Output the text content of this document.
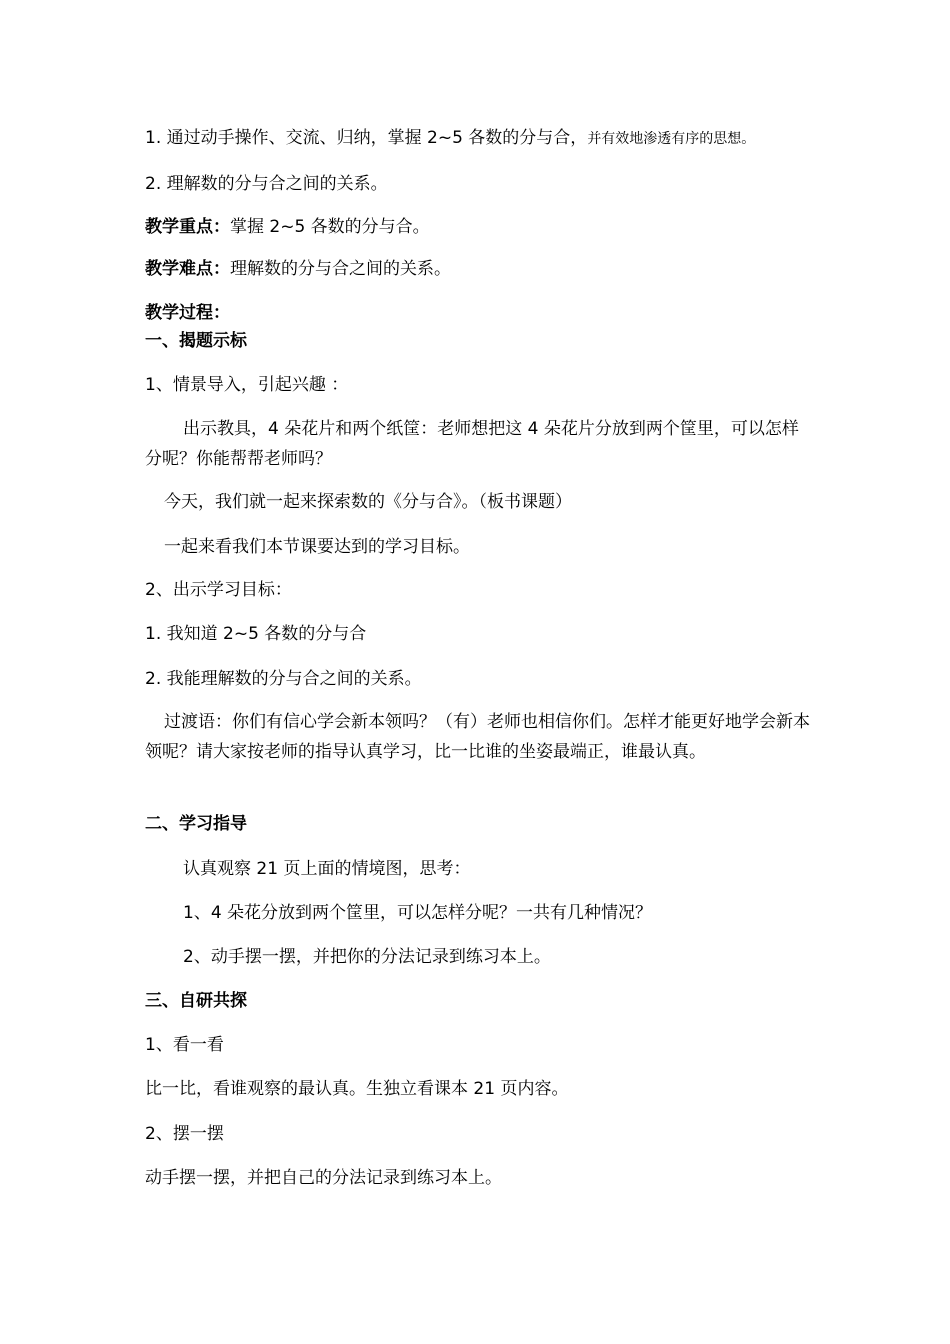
1. 通过动手操作、交流、归纳，掌握 2~5 各数的分与合，并有效地渗透有序的思想。
2. 理解数的分与合之间的关系。
教学重点：掌握 2~5 各数的分与合。
教学难点：理解数的分与合之间的关系。
教学过程：
一、揭题示标
1、情景导入，引起兴趣 ：
出示教具，4 朵花片和两个纸筐：老师想把这 4 朵花片分放到两个筐里，可以怎样分呢？你能帮帮老师吗？
今天，我们就一起来探索数的《分与合》。（板书课题）
一起来看我们本节课要达到的学习目标。
2、出示学习目标：
1. 我知道 2~5 各数的分与合
2. 我能理解数的分与合之间的关系。
过渡语：你们有信心学会新本领吗？（有）老师也相信你们。怎样才能更好地学会新本领呢？请大家按老师的指导认真学习，比一比谁的坐姿最端正，谁最认真。
二、学习指导
认真观察 21 页上面的情境图，思考：
1、4 朵花分放到两个筐里，可以怎样分呢？一共有几种情况？
2、动手摆一摆，并把你的分法记录到练习本上。
三、自研共探
1、看一看
比一比，看谁观察的最认真。生独立看课本 21 页内容。
2、摆一摆
动手摆一摆，并把自己的分法记录到练习本上。
